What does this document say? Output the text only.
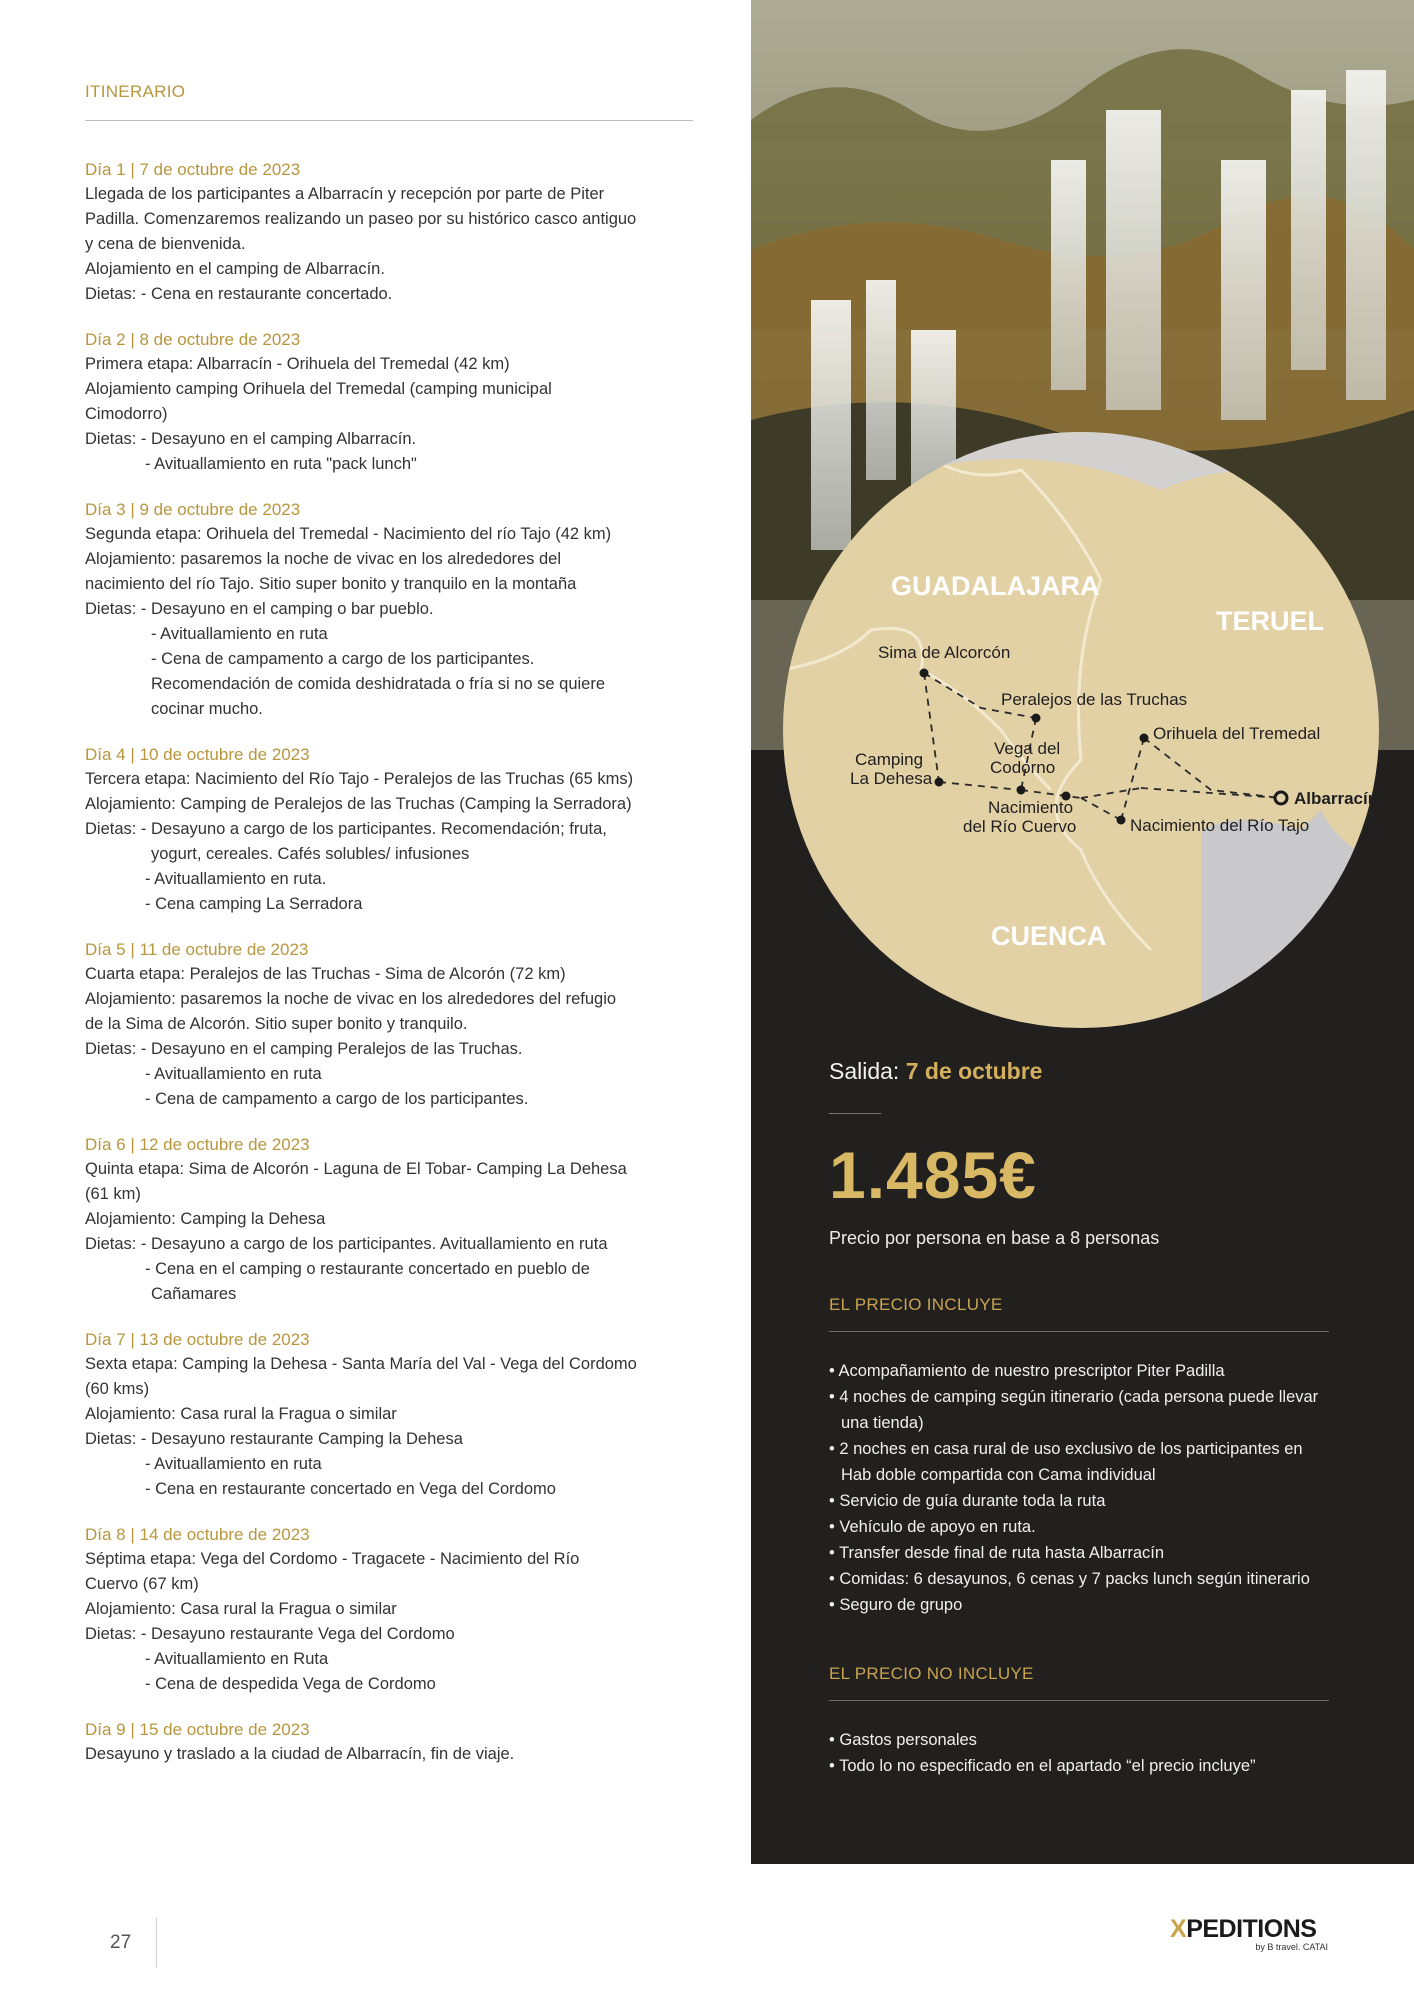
ITINERARIO
Día 1 | 7 de octubre de 2023
Llegada de los participantes a Albarracín y recepción por parte de Piter
Padilla. Comenzaremos realizando un paseo por su histórico casco antiguo
y cena de bienvenida.
Alojamiento en el camping de Albarracín.
Dietas: - Cena en restaurante concertado.
Día 2 | 8 de octubre de 2023
Primera etapa: Albarracín - Orihuela del Tremedal (42 km)
Alojamiento camping Orihuela del Tremedal (camping municipal
Cimodorro)
Dietas: - Desayuno en el camping Albarracín.
- Avituallamiento en ruta "pack lunch"
Día 3 | 9 de octubre de 2023
Segunda etapa: Orihuela del Tremedal - Nacimiento del río Tajo (42 km)
Alojamiento: pasaremos la noche de vivac en los alrededores del
nacimiento del río Tajo. Sitio super bonito y tranquilo en la montaña
Dietas: - Desayuno en el camping o bar pueblo.
- Avituallamiento en ruta
- Cena de campamento a cargo de los participantes.
Recomendación de comida deshidratada o fría si no se quiere
cocinar mucho.
Día 4 | 10 de octubre de 2023
Tercera etapa: Nacimiento del Río Tajo - Peralejos de las Truchas (65 kms)
Alojamiento: Camping de Peralejos de las Truchas (Camping la Serradora)
Dietas: - Desayuno a cargo de los participantes. Recomendación; fruta,
yogurt, cereales. Cafés solubles/ infusiones
- Avituallamiento en ruta.
- Cena camping La Serradora
Día 5 | 11 de octubre de 2023
Cuarta etapa: Peralejos de las Truchas - Sima de Alcorón (72 km)
Alojamiento: pasaremos la noche de vivac en los alrededores del refugio
de la Sima de Alcorón. Sitio super bonito y tranquilo.
Dietas: - Desayuno en el camping Peralejos de las Truchas.
- Avituallamiento en ruta
- Cena de campamento a cargo de los participantes.
Día 6 | 12 de octubre de 2023
Quinta etapa: Sima de Alcorón - Laguna de El Tobar- Camping La Dehesa
(61 km)
Alojamiento: Camping la Dehesa
Dietas: - Desayuno a cargo de los participantes. Avituallamiento en ruta
- Cena en el camping o restaurante concertado en pueblo de
Cañamares
Día 7 | 13 de octubre de 2023
Sexta etapa: Camping la Dehesa - Santa María del Val - Vega del Cordomo
(60 kms)
Alojamiento: Casa rural la Fragua o similar
Dietas: - Desayuno restaurante Camping la Dehesa
- Avituallamiento en ruta
- Cena en restaurante concertado en Vega del Cordomo
Día 8 | 14 de octubre de 2023
Séptima etapa: Vega del Cordomo - Tragacete - Nacimiento del Río
Cuervo (67 km)
Alojamiento: Casa rural la Fragua o similar
Dietas: - Desayuno restaurante Vega del Cordomo
- Avituallamiento en Ruta
- Cena de despedida Vega de Cordomo
Día 9 | 15 de octubre de 2023
Desayuno y traslado a la ciudad de Albarracín, fin de viaje.
GUADALAJARA
TERUEL
CUENCA
Sima de Alcorcón
Peralejos de las Truchas
Orihuela del Tremedal
Camping
La Dehesa
Vega del
Codorno
Nacimiento
del Río Cuervo
Albarracín
Nacimiento del Río Tajo
Salida: 7 de octubre
1.485€
Precio por persona en base a 8 personas
EL PRECIO INCLUYE
• Acompañamiento de nuestro prescriptor Piter Padilla
• 4 noches de camping según itinerario (cada persona puede llevar una tienda)
• 2 noches en casa rural de uso exclusivo de los participantes en Hab doble compartida con Cama individual
• Servicio de guía durante toda la ruta
• Vehículo de apoyo en ruta.
• Transfer desde final de ruta hasta Albarracín
• Comidas: 6 desayunos, 6 cenas y 7 packs lunch según itinerario
• Seguro de grupo
EL PRECIO NO INCLUYE
• Gastos personales
• Todo lo no especificado en el apartado “el precio incluye”
27	XPEDITIONS
by B travel. CATAI
